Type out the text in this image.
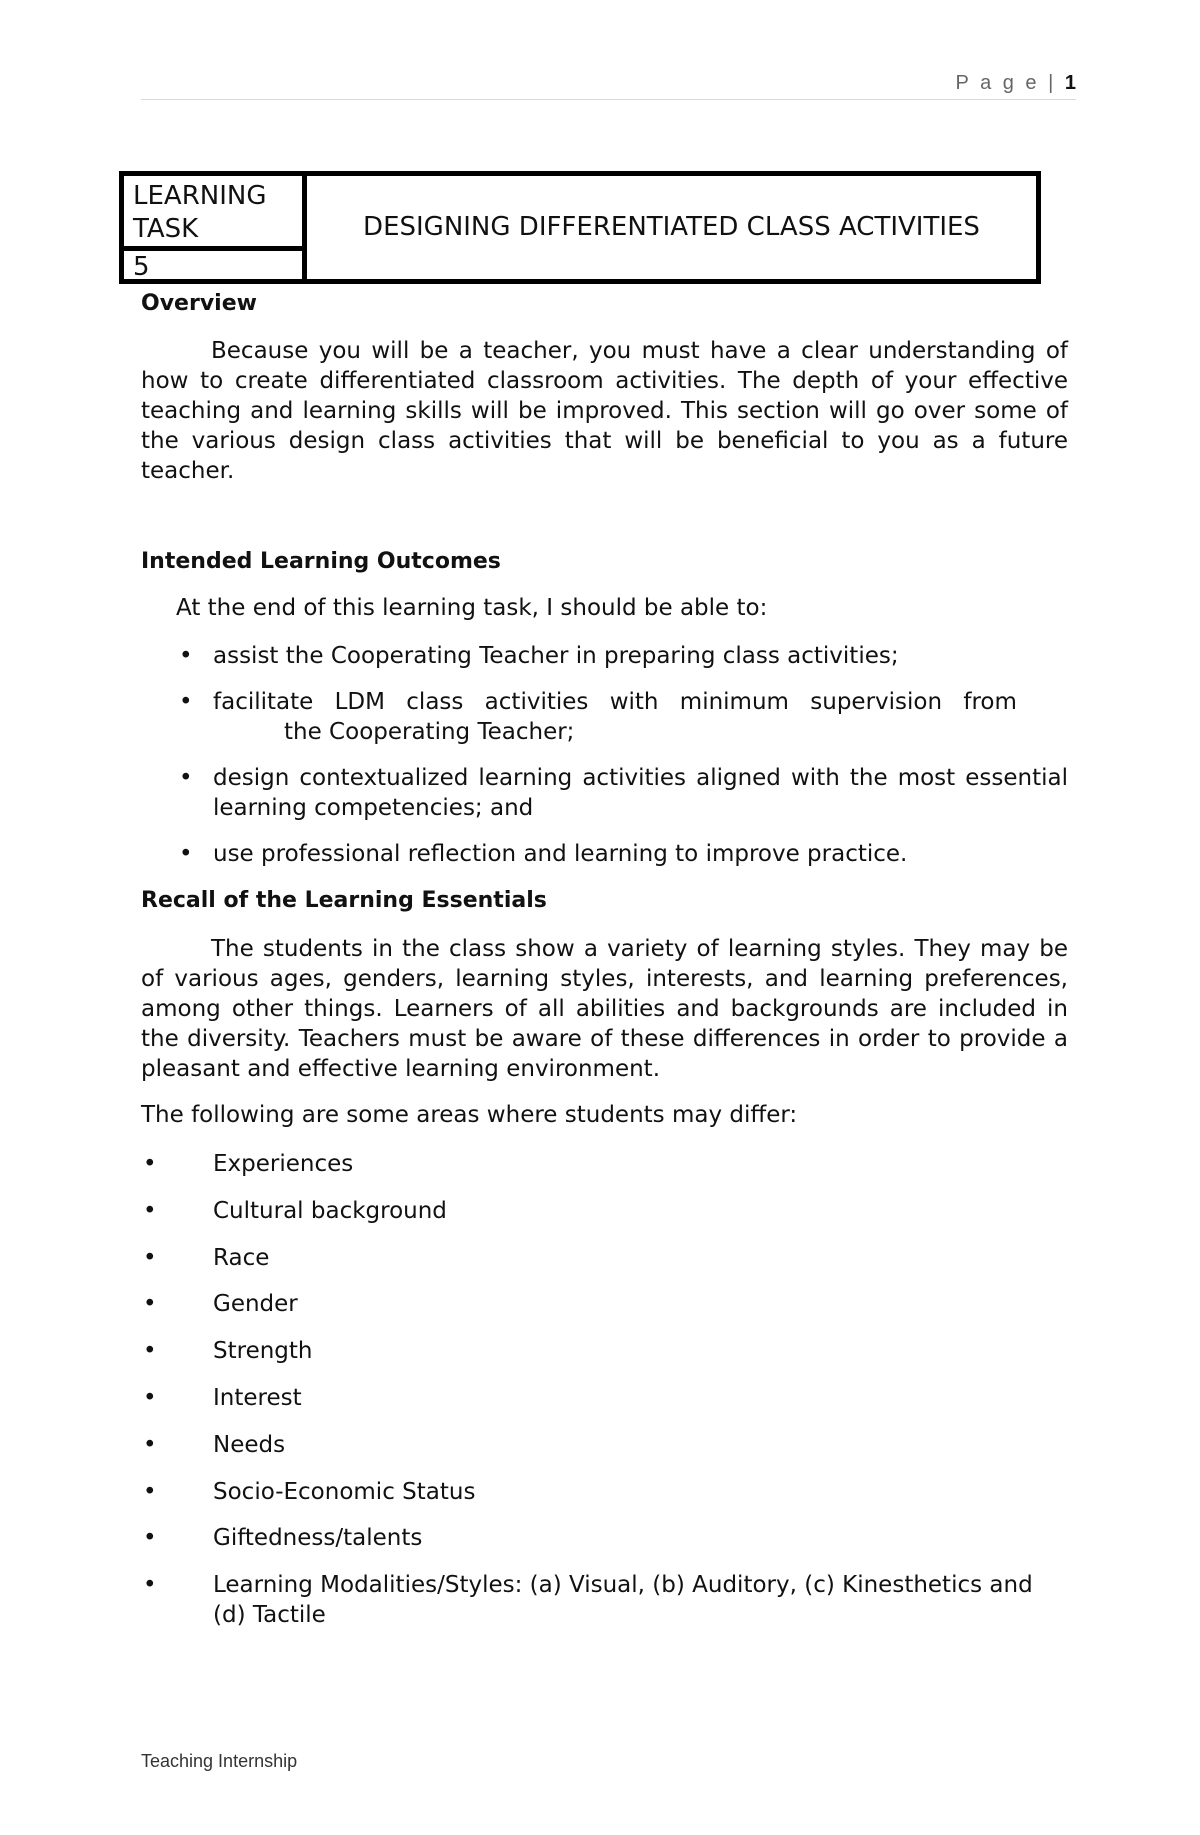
P a g e | 1
LEARNING TASK
5
DESIGNING DIFFERENTIATED CLASS ACTIVITIES
Overview

Because you will be a teacher, you must have a clear understanding of how to create differentiated classroom activities. The depth of your effective teaching and learning skills will be improved. This section will go over some of the various design class activities that will be beneficial to you as a future teacher.

Intended Learning Outcomes
At the end of this learning task, I should be able to:
• assist the Cooperating Teacher in preparing class activities;
• facilitate LDM class activities with minimum supervision from
the Cooperating Teacher;
• design contextualized learning activities aligned with the most essential learning competencies; and
• use professional reflection and learning to improve practice.
Recall of the Learning Essentials

The students in the class show a variety of learning styles. They may be of various ages, genders, learning styles, interests, and learning preferences, among other things. Learners of all abilities and backgrounds are included in the diversity. Teachers must be aware of these differences in order to provide a pleasant and effective learning environment.

The following are some areas where students may differ:
• Experiences
• Cultural background
• Race
• Gender
• Strength
• Interest
• Needs
• Socio-Economic Status
• Giftedness/talents
• Learning Modalities/Styles: (a) Visual, (b) Auditory, (c) Kinesthetics and (d) Tactile
Teaching Internship
